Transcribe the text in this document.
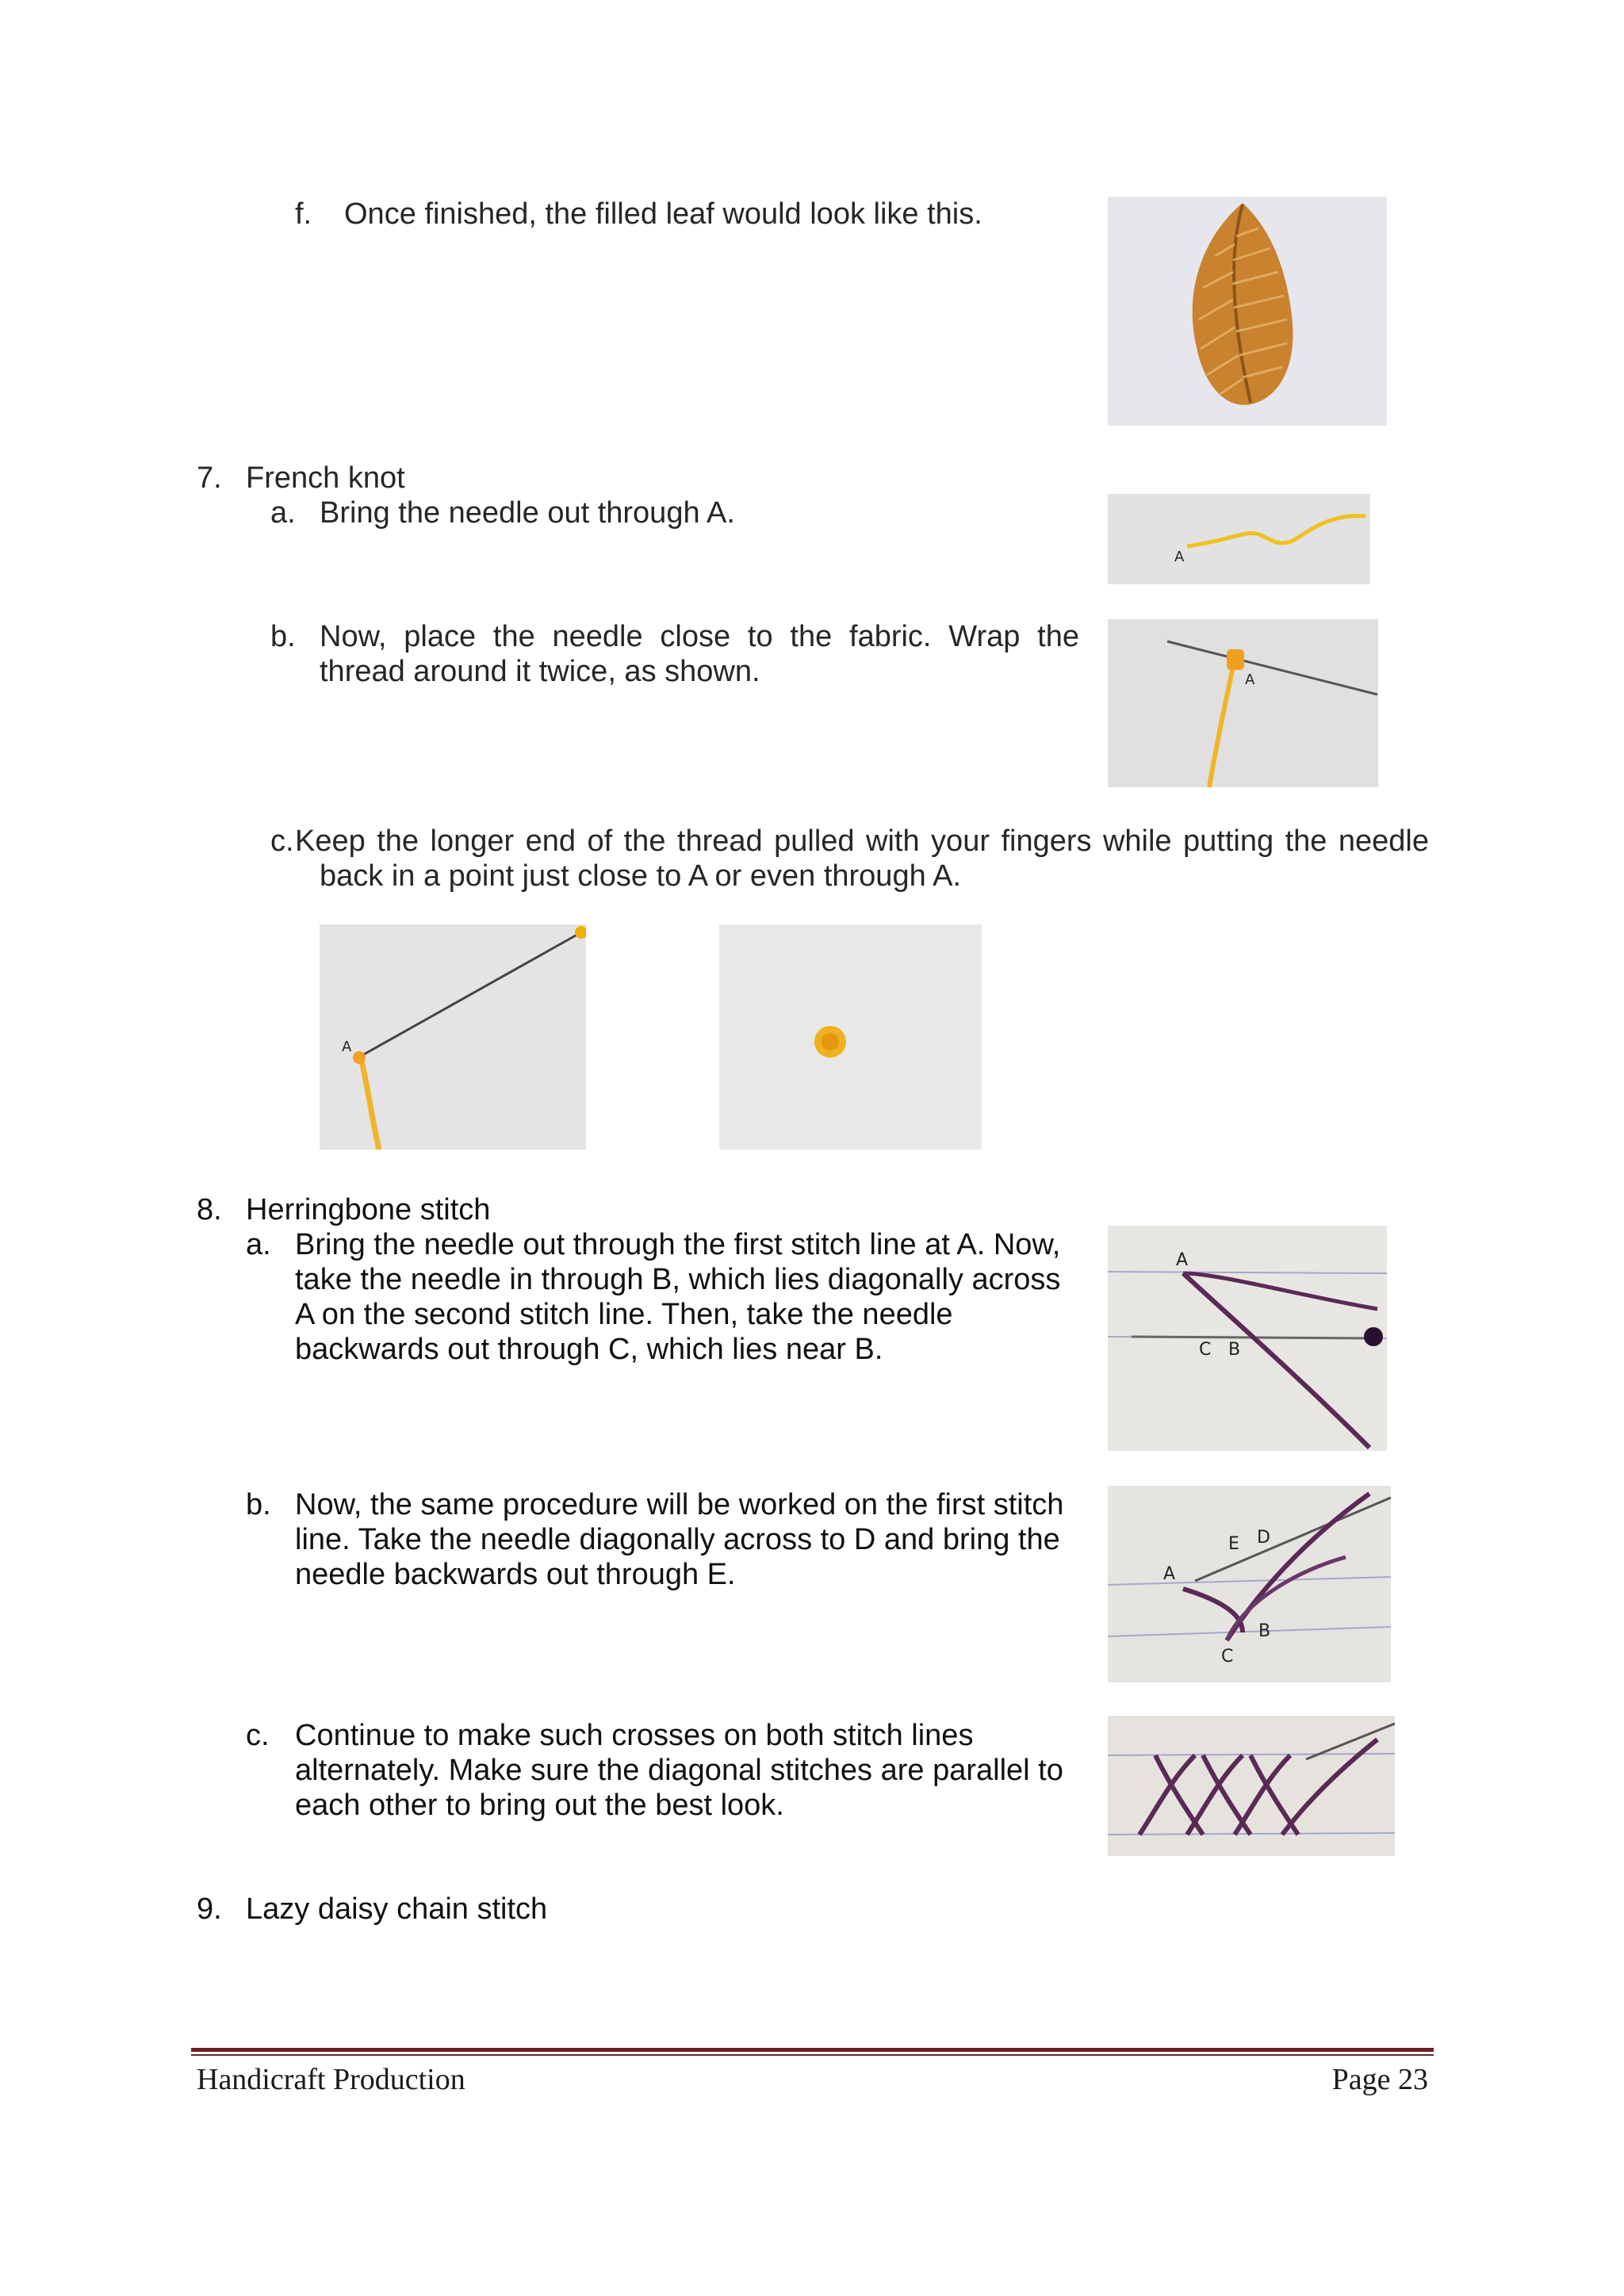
f. Once finished, the filled leaf would look like this.
7. French knot
a. Bring the needle out through A.
A
b. Now, place the needle close to the fabric. Wrap the
thread around it twice, as shown.	A
c. Keep the longer end of the thread pulled with your fingers while putting the needle
back in a point just close to A or even through A.
A
8. Herringbone stitch
a. Bring the needle out through the first stitch line at A. Now,
take the needle in through B, which lies diagonally across
A on the second stitch line. Then, take the needle
backwards out through C, which lies near B.
A
C B
b. Now, the same procedure will be worked on the first stitch
line. Take the needle diagonally across to D and bring the
needle backwards out through E.
E D
A
B
C
c. Continue to make such crosses on both stitch lines
alternately. Make sure the diagonal stitches are parallel to
each other to bring out the best look.
9. Lazy daisy chain stitch
Handicraft Production	Page 23
